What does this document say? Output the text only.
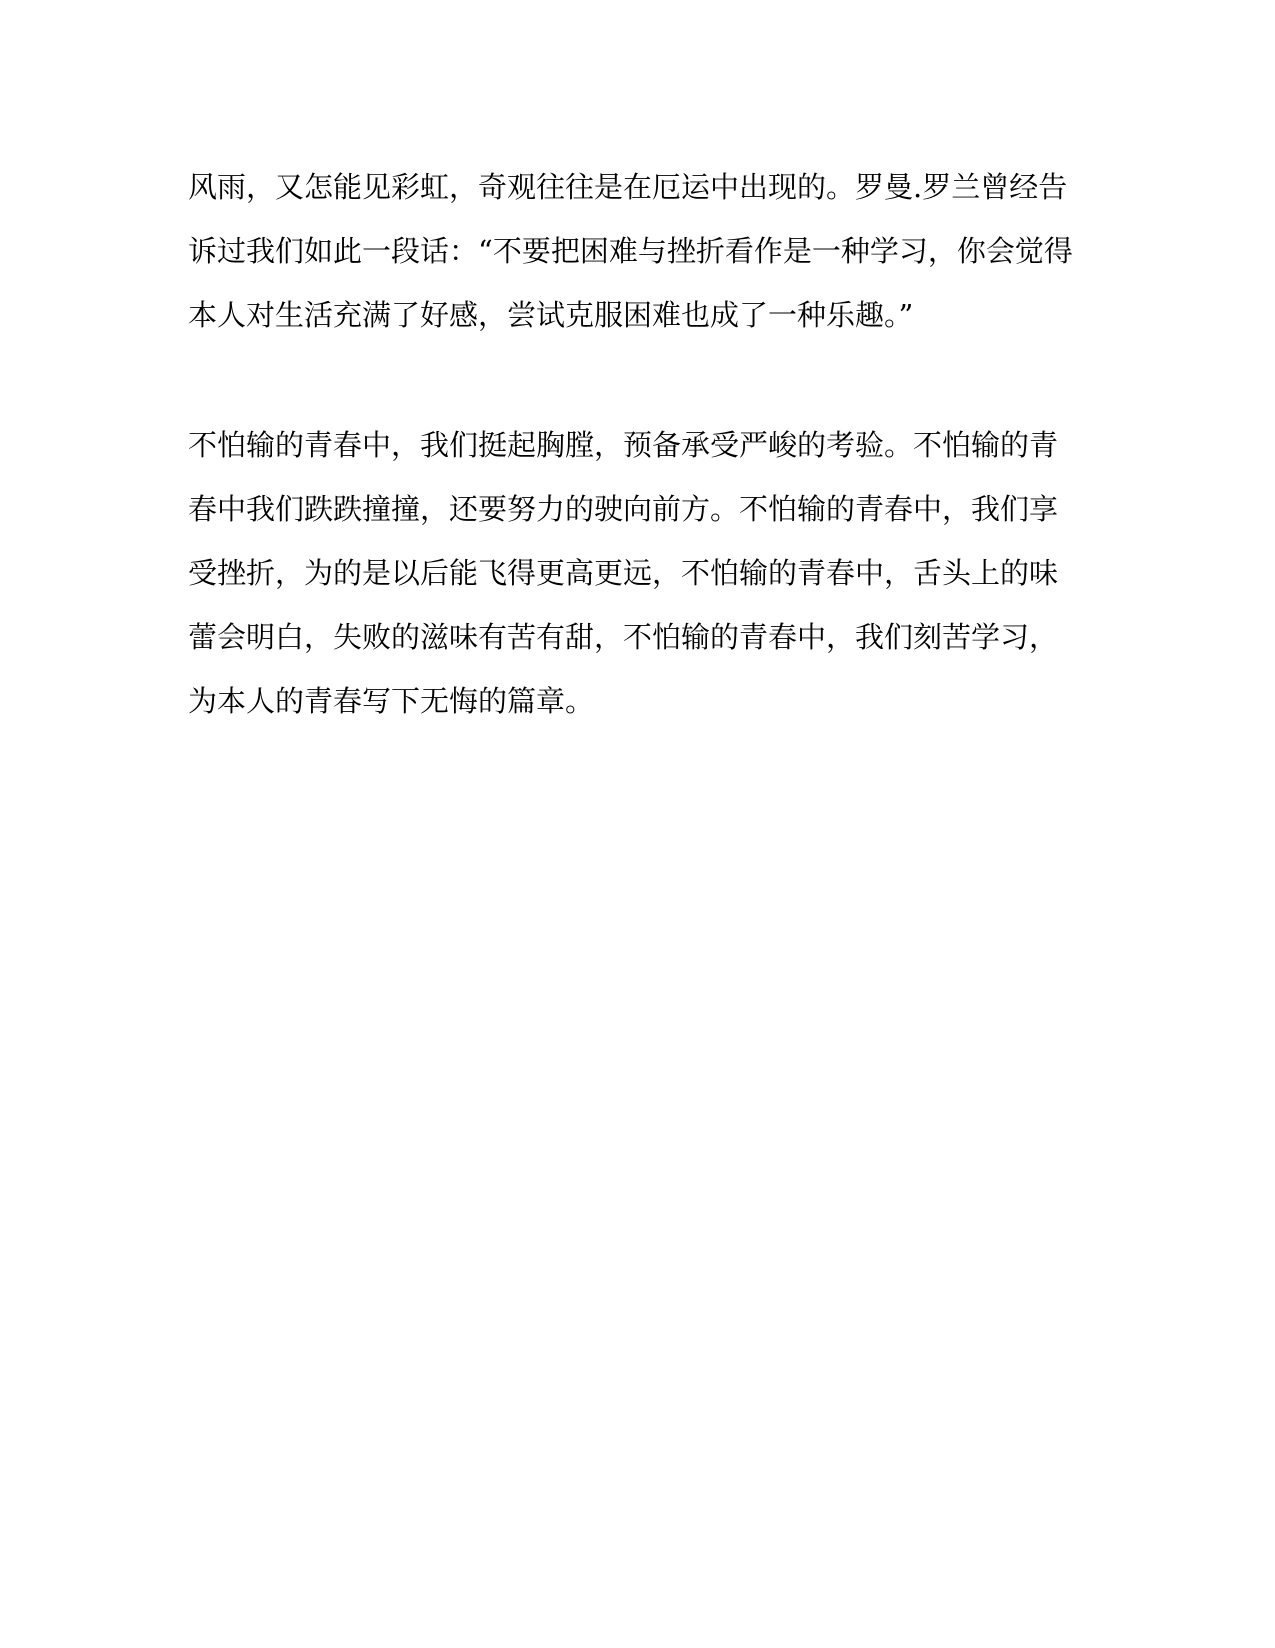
风雨，又怎能见彩虹，奇观往往是在厄运中出现的。罗曼.罗兰曾经告
诉过我们如此一段话：“不要把困难与挫折看作是一种学习，你会觉得
本人对生活充满了好感，尝试克服困难也成了一种乐趣。”
不怕输的青春中，我们挺起胸膛，预备承受严峻的考验。不怕输的青
春中我们跌跌撞撞，还要努力的驶向前方。不怕输的青春中，我们享
受挫折，为的是以后能飞得更高更远，不怕输的青春中，舌头上的味
蕾会明白，失败的滋味有苦有甜，不怕输的青春中，我们刻苦学习，
为本人的青春写下无悔的篇章。
